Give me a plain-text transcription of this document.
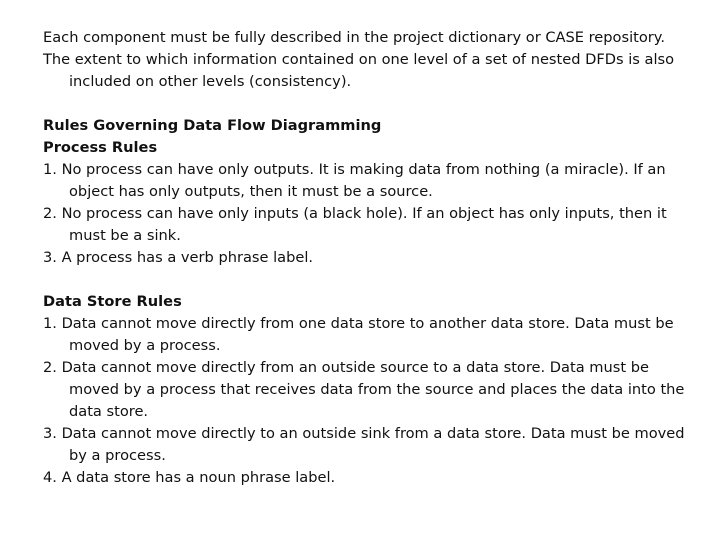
Each component must be fully described in the project dictionary or CASE repository.

The extent to which information contained on one level of a set of nested DFDs is also included on other levels (consistency).

Rules Governing Data Flow Diagramming

Process Rules

1. No process can have only outputs. It is making data from nothing (a miracle). If an object has only outputs, then it must be a source.

2. No process can have only inputs (a black hole). If an object has only inputs, then it must be a sink.

3. A process has a verb phrase label.

Data Store Rules

1. Data cannot move directly from one data store to another data store. Data must be moved by a process.

2. Data cannot move directly from an outside source to a data store. Data must be moved by a process that receives data from the source and places the data into the data store.

3. Data cannot move directly to an outside sink from a data store. Data must be moved by a process.

4. A data store has a noun phrase label.
